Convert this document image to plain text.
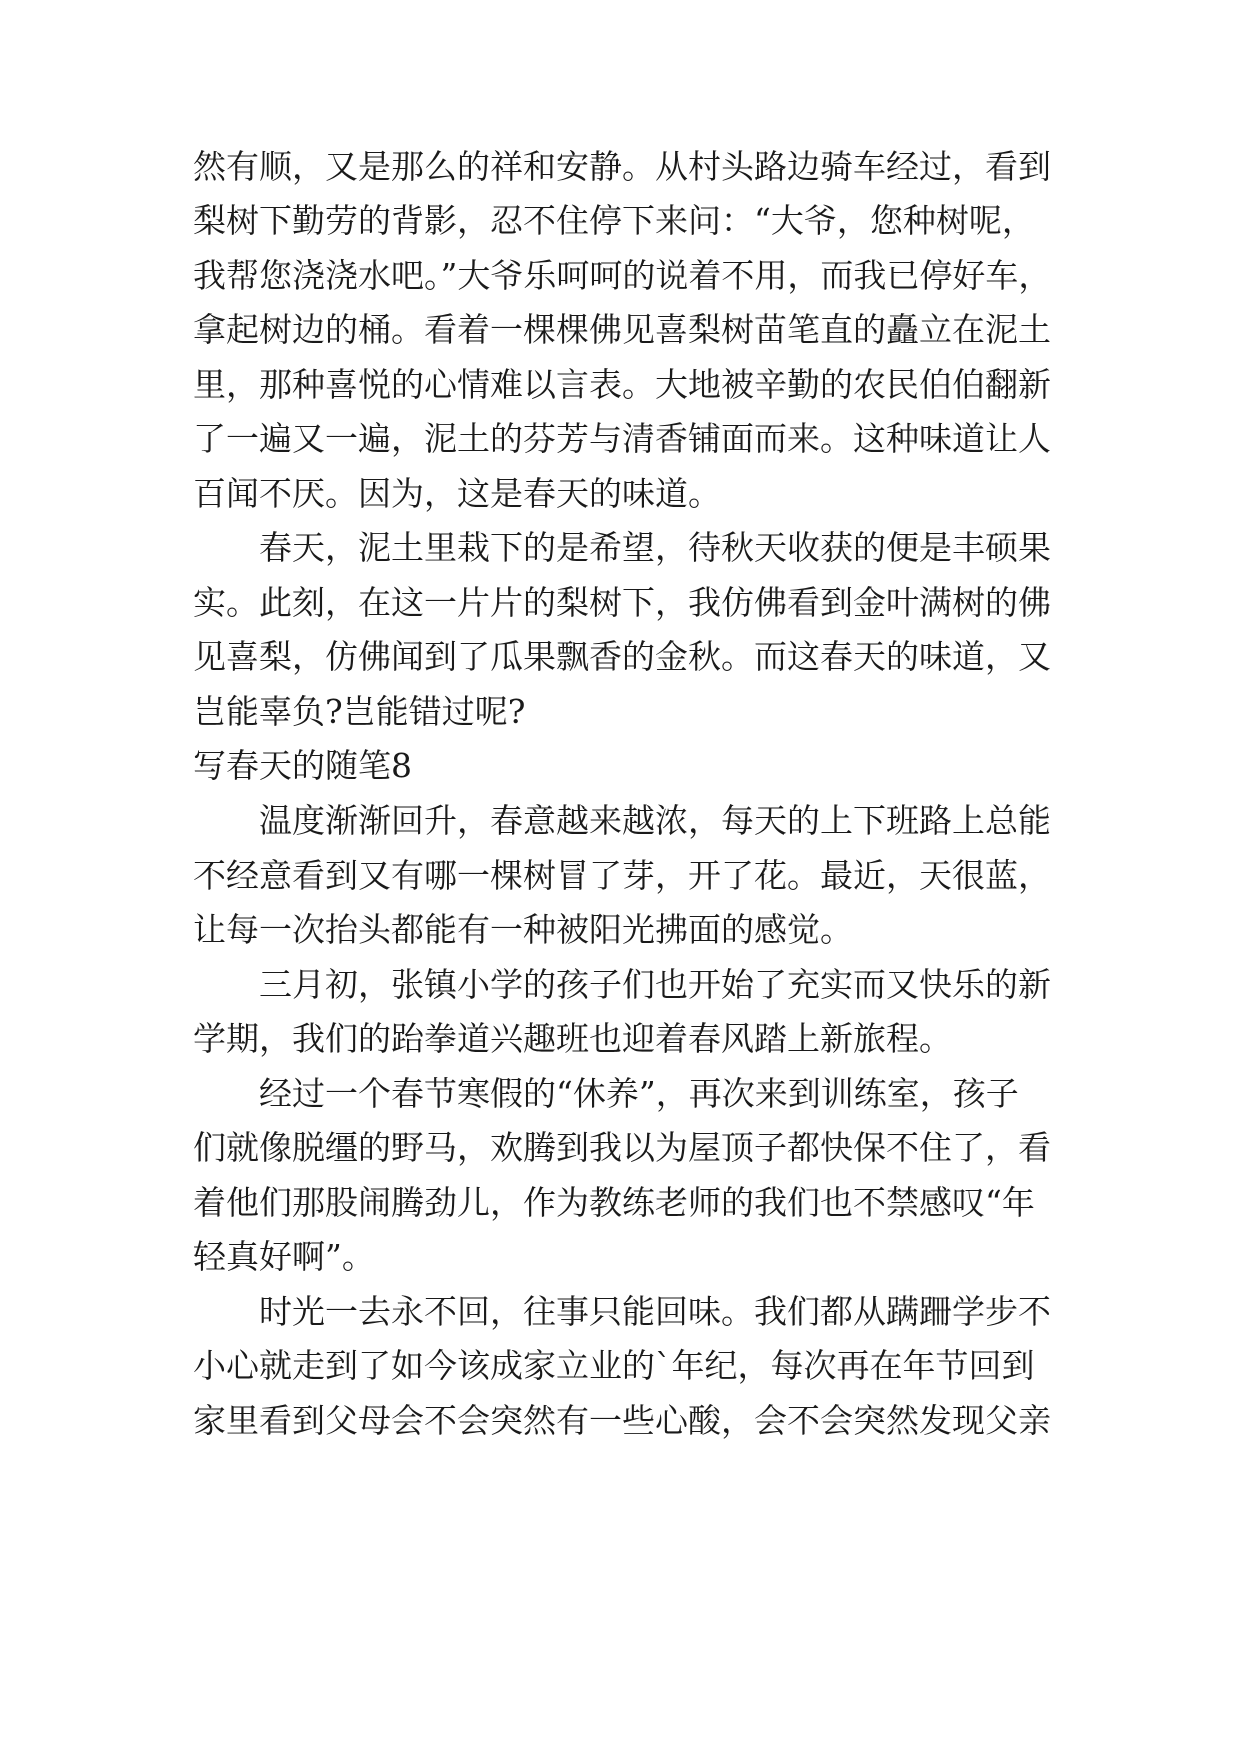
然有顺，又是那么的祥和安静。从村头路边骑车经过，看到
梨树下勤劳的背影，忍不住停下来问：“大爷，您种树呢，
我帮您浇浇水吧。”大爷乐呵呵的说着不用，而我已停好车，
拿起树边的桶。看着一棵棵佛见喜梨树苗笔直的矗立在泥土
里，那种喜悦的心情难以言表。大地被辛勤的农民伯伯翻新
了一遍又一遍，泥土的芬芳与清香铺面而来。这种味道让人
百闻不厌。因为，这是春天的味道。
　　春天，泥土里栽下的是希望，待秋天收获的便是丰硕果
实。此刻，在这一片片的梨树下，我仿佛看到金叶满树的佛
见喜梨，仿佛闻到了瓜果飘香的金秋。而这春天的味道，又
岂能辜负?岂能错过呢?
写春天的随笔8
　　温度渐渐回升，春意越来越浓，每天的上下班路上总能
不经意看到又有哪一棵树冒了芽，开了花。最近，天很蓝，
让每一次抬头都能有一种被阳光拂面的感觉。
　　三月初，张镇小学的孩子们也开始了充实而又快乐的新
学期，我们的跆拳道兴趣班也迎着春风踏上新旅程。
　　经过一个春节寒假的“休养”，再次来到训练室，孩子
们就像脱缰的野马，欢腾到我以为屋顶子都快保不住了，看
着他们那股闹腾劲儿，作为教练老师的我们也不禁感叹“年
轻真好啊”。
　　时光一去永不回，往事只能回味。我们都从蹒跚学步不
小心就走到了如今该成家立业的`年纪，每次再在年节回到
家里看到父母会不会突然有一些心酸，会不会突然发现父亲
